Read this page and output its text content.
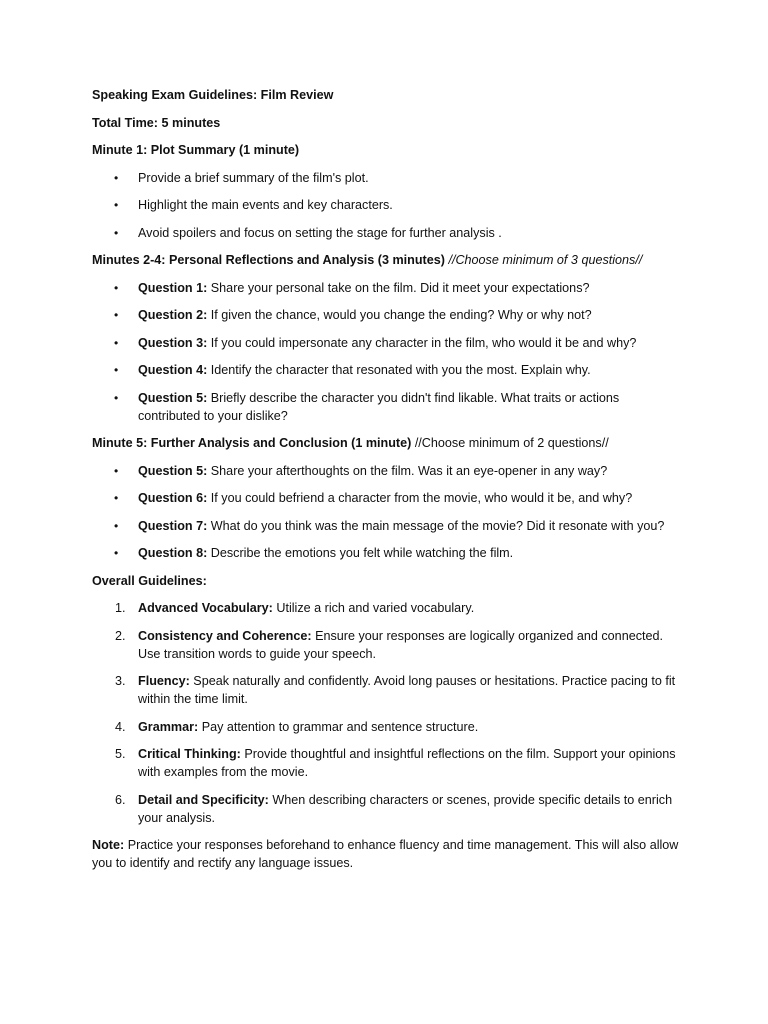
Speaking Exam Guidelines: Film Review

Total Time: 5 minutes

Minute 1: Plot Summary (1 minute)

• Provide a brief summary of the film's plot.
• Highlight the main events and key characters.
• Avoid spoilers and focus on setting the stage for further analysis .

Minutes 2-4: Personal Reflections and Analysis (3 minutes) //Choose minimum of 3 questions//

• Question 1: Share your personal take on the film. Did it meet your expectations?
• Question 2: If given the chance, would you change the ending? Why or why not?
• Question 3: If you could impersonate any character in the film, who would it be and why?
• Question 4: Identify the character that resonated with you the most. Explain why.
• Question 5: Briefly describe the character you didn't find likable. What traits or actions contributed to your dislike?

Minute 5: Further Analysis and Conclusion (1 minute) //Choose minimum of 2 questions//

• Question 5: Share your afterthoughts on the film. Was it an eye-opener in any way?
• Question 6: If you could befriend a character from the movie, who would it be, and why?
• Question 7: What do you think was the main message of the movie? Did it resonate with you?
• Question 8: Describe the emotions you felt while watching the film.

Overall Guidelines:

1. Advanced Vocabulary: Utilize a rich and varied vocabulary.
2. Consistency and Coherence: Ensure your responses are logically organized and connected. Use transition words to guide your speech.
3. Fluency: Speak naturally and confidently. Avoid long pauses or hesitations. Practice pacing to fit within the time limit.
4. Grammar: Pay attention to grammar and sentence structure.
5. Critical Thinking: Provide thoughtful and insightful reflections on the film. Support your opinions with examples from the movie.
6. Detail and Specificity: When describing characters or scenes, provide specific details to enrich your analysis.

Note: Practice your responses beforehand to enhance fluency and time management. This will also allow you to identify and rectify any language issues.
